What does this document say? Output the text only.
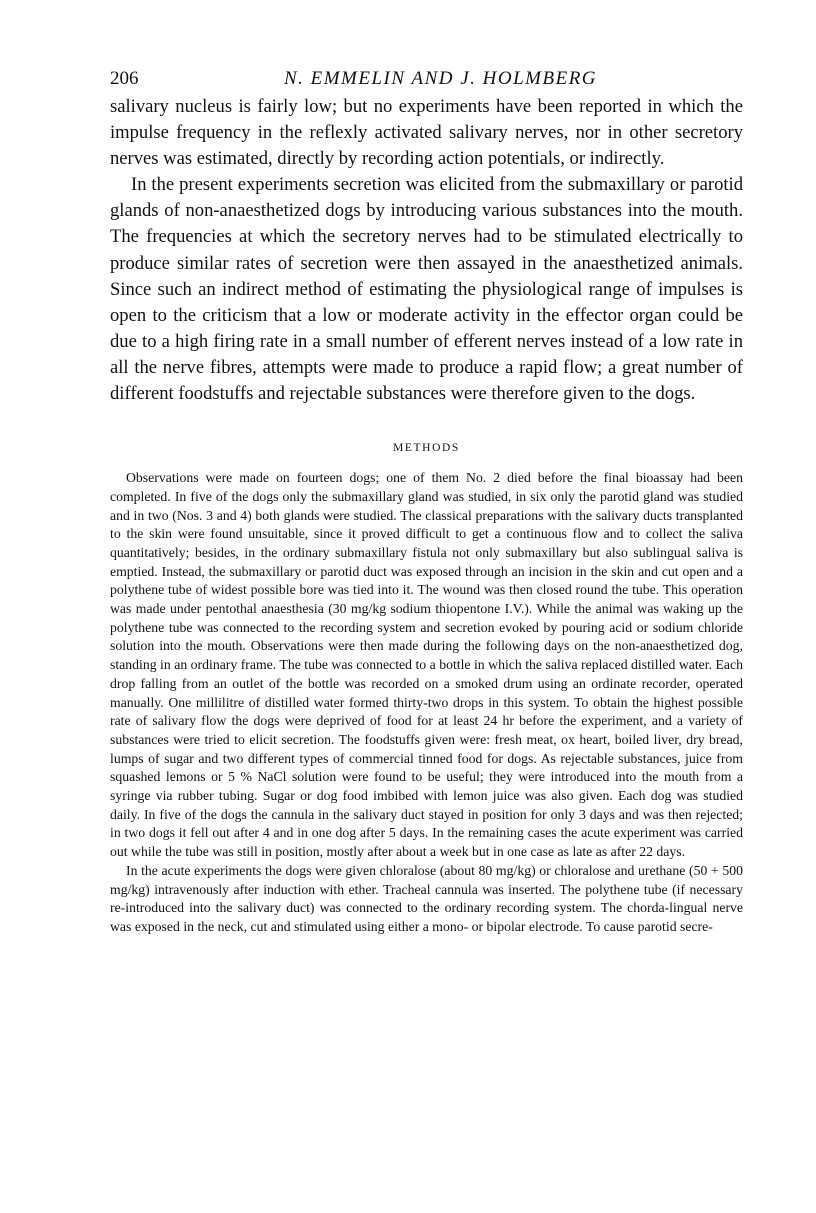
206	N. EMMELIN AND J. HOLMBERG

salivary nucleus is fairly low; but no experiments have been reported in which the impulse frequency in the reflexly activated salivary nerves, nor in other secretory nerves was estimated, directly by recording action potentials, or indirectly.

In the present experiments secretion was elicited from the submaxillary or parotid glands of non-anaesthetized dogs by introducing various substances into the mouth. The frequencies at which the secretory nerves had to be stimulated electrically to produce similar rates of secretion were then assayed in the anaesthetized animals. Since such an indirect method of estimating the physiological range of impulses is open to the criticism that a low or moderate activity in the effector organ could be due to a high firing rate in a small number of efferent nerves instead of a low rate in all the nerve fibres, attempts were made to produce a rapid flow; a great number of different foodstuffs and rejectable substances were therefore given to the dogs.

METHODS

Observations were made on fourteen dogs; one of them No. 2 died before the final bioassay had been completed. In five of the dogs only the submaxillary gland was studied, in six only the parotid gland was studied and in two (Nos. 3 and 4) both glands were studied. The classical preparations with the salivary ducts transplanted to the skin were found unsuitable, since it proved difficult to get a continuous flow and to collect the saliva quantitatively; besides, in the ordinary submaxillary fistula not only submaxillary but also sublingual saliva is emptied. Instead, the submaxillary or parotid duct was exposed through an incision in the skin and cut open and a polythene tube of widest possible bore was tied into it. The wound was then closed round the tube. This operation was made under pentothal anaesthesia (30 mg/kg sodium thiopentone I.V.). While the animal was waking up the polythene tube was connected to the recording system and secretion evoked by pouring acid or sodium chloride solution into the mouth. Observations were then made during the following days on the non-anaesthetized dog, standing in an ordinary frame. The tube was connected to a bottle in which the saliva replaced distilled water. Each drop falling from an outlet of the bottle was recorded on a smoked drum using an ordinate recorder, operated manually. One millilitre of distilled water formed thirty-two drops in this system. To obtain the highest possible rate of salivary flow the dogs were deprived of food for at least 24 hr before the experiment, and a variety of substances were tried to elicit secretion. The foodstuffs given were: fresh meat, ox heart, boiled liver, dry bread, lumps of sugar and two different types of commercial tinned food for dogs. As rejectable substances, juice from squashed lemons or 5 % NaCl solution were found to be useful; they were introduced into the mouth from a syringe via rubber tubing. Sugar or dog food imbibed with lemon juice was also given. Each dog was studied daily. In five of the dogs the cannula in the salivary duct stayed in position for only 3 days and was then rejected; in two dogs it fell out after 4 and in one dog after 5 days. In the remaining cases the acute experiment was carried out while the tube was still in position, mostly after about a week but in one case as late as after 22 days.

In the acute experiments the dogs were given chloralose (about 80 mg/kg) or chloralose and urethane (50 + 500 mg/kg) intravenously after induction with ether. Tracheal cannula was inserted. The polythene tube (if necessary re-introduced into the salivary duct) was connected to the ordinary recording system. The chorda-lingual nerve was exposed in the neck, cut and stimulated using either a mono- or bipolar electrode. To cause parotid secre-
